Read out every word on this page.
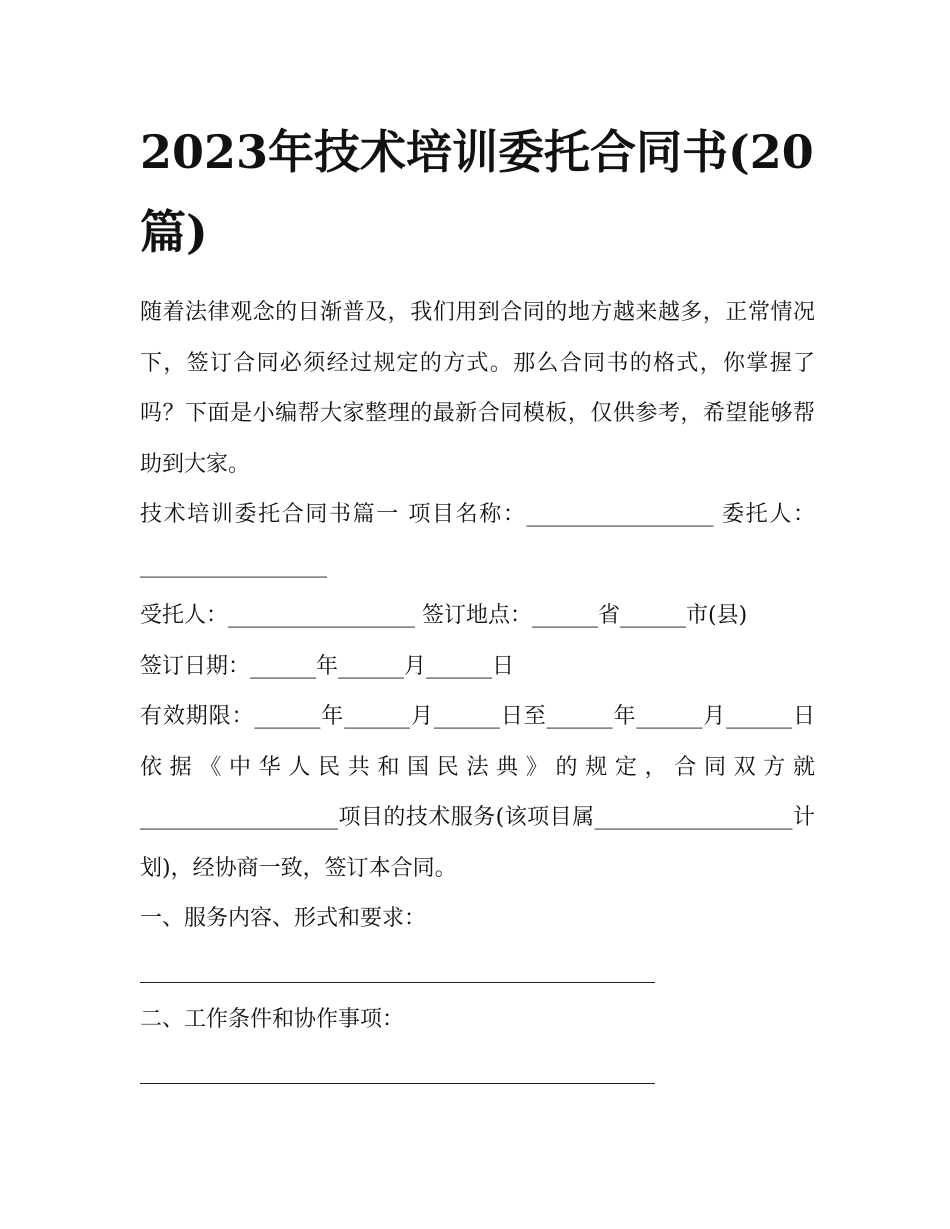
2023年技术培训委托合同书(20篇)

随着法律观念的日渐普及，我们用到合同的地方越来越多，正常情况下，签订合同必须经过规定的方式。那么合同书的格式，你掌握了吗？下面是小编帮大家整理的最新合同模板，仅供参考，希望能够帮助到大家。

技术培训委托合同书篇一 项目名称：_________________ 委托人：_________________

受托人：_________________ 签订地点：______省______市(县)

签订日期：______年______月______日

有效期限：______年______月______日至______年______月______日依据《中华人民共和国民法典》的规定，合同双方就__________________项目的技术服务(该项目属__________________计划)，经协商一致，签订本合同。

一、服务内容、形式和要求：

二、工作条件和协作事项：
